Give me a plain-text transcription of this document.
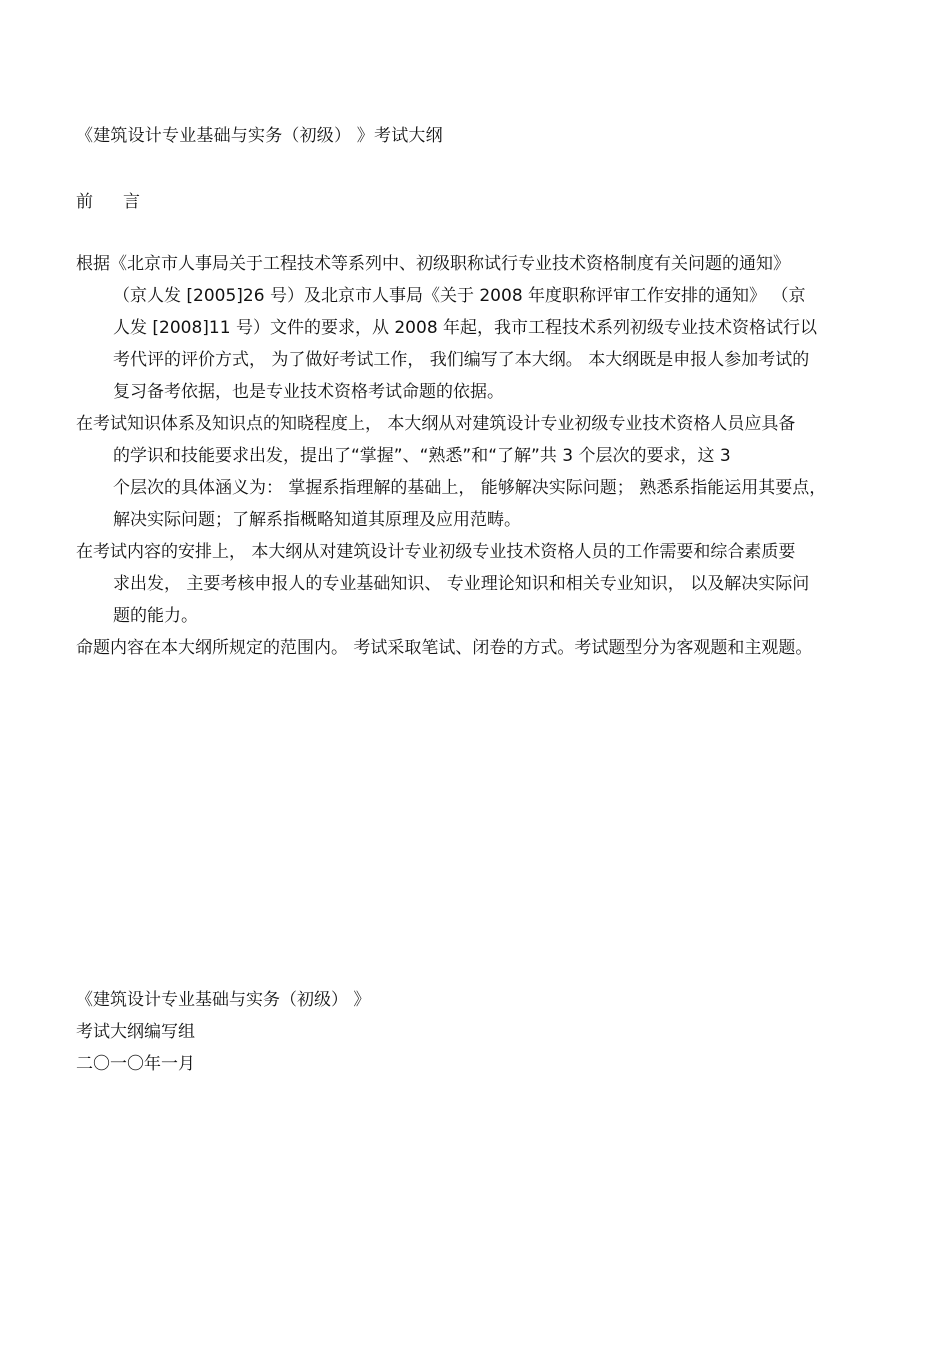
《建筑设计专业基础与实务（初级） 》考试大纲
前言

根据《北京市人事局关于工程技术等系列中、初级职称试行专业技术资格制度有关问题的通知》
（京人发 [2005]26 号）及北京市人事局《关于 2008 年度职称评审工作安排的通知》 （京
人发 [2008]11 号）文件的要求，从 2008 年起，我市工程技术系列初级专业技术资格试行以
考代评的评价方式， 为了做好考试工作， 我们编写了本大纲。 本大纲既是申报人参加考试的
复习备考依据，也是专业技术资格考试命题的依据。

在考试知识体系及知识点的知晓程度上， 本大纲从对建筑设计专业初级专业技术资格人员应具备
的学识和技能要求出发，提出了“掌握”、“熟悉”和“了解”共 3 个层次的要求，这 3
个层次的具体涵义为： 掌握系指理解的基础上， 能够解决实际问题； 熟悉系指能运用其要点，
解决实际问题；了解系指概略知道其原理及应用范畴。

在考试内容的安排上， 本大纲从对建筑设计专业初级专业技术资格人员的工作需要和综合素质要
求出发， 主要考核申报人的专业基础知识、 专业理论知识和相关专业知识， 以及解决实际问
题的能力。

命题内容在本大纲所规定的范围内。 考试采取笔试、闭卷的方式。考试题型分为客观题和主观题。

《建筑设计专业基础与实务（初级） 》
考试大纲编写组
二〇一〇年一月
